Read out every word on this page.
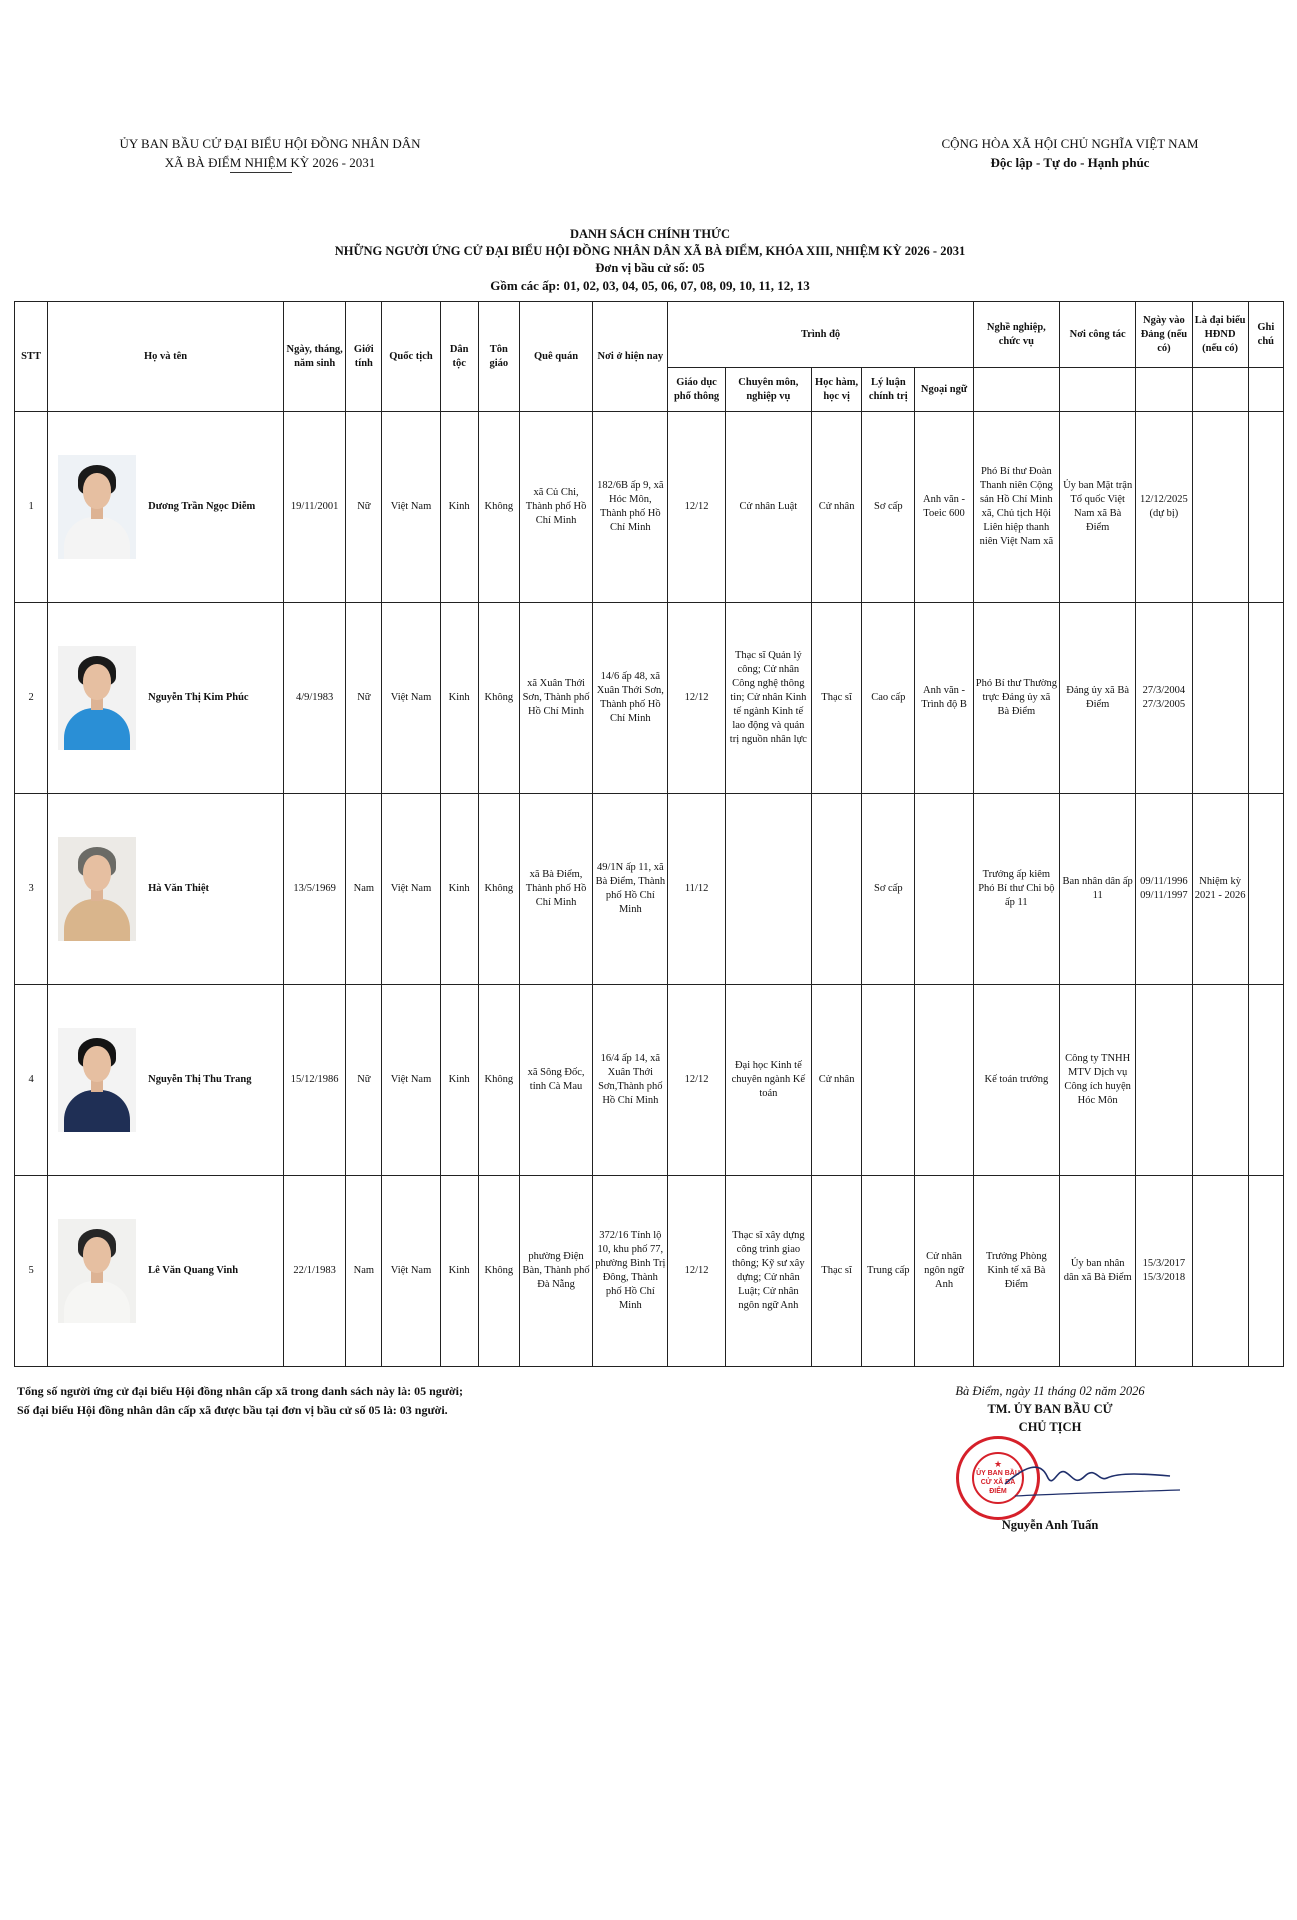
ỦY BAN BẦU CỬ ĐẠI BIỂU HỘI ĐỒNG NHÂN DÂN
XÃ BÀ ĐIỂM NHIỆM KỲ 2026 - 2031
CỘNG HÒA XÃ HỘI CHỦ NGHĨA VIỆT NAM
Độc lập - Tự do - Hạnh phúc
DANH SÁCH CHÍNH THỨC
NHỮNG NGƯỜI ỨNG CỬ ĐẠI BIỂU HỘI ĐỒNG NHÂN DÂN XÃ BÀ ĐIỂM, KHÓA XIII, NHIỆM KỲ 2026 - 2031
Đơn vị bầu cử số: 05
Gồm các ấp: 01, 02, 03, 04, 05, 06, 07, 08, 09, 10, 11, 12, 13
STT	Họ và tên	Ngày, tháng, năm sinh	Giới tính	Quốc tịch	Dân tộc	Tôn giáo	Quê quán	Nơi ở hiện nay	Trình độ					Nghề nghiệp, chức vụ	Nơi công tác	Ngày vào Đảng (nếu có)	Là đại biểu HĐND (nếu có)	Ghi chú
									Giáo dục phổ thông	Chuyên môn, nghiệp vụ	Học hàm, học vị	Lý luận chính trị	Ngoại ngữ					
1	Dương Trần Ngọc Diễm	19/11/2001	Nữ	Việt Nam	Kinh	Không	xã Củ Chi, Thành phố Hồ Chí Minh	182/6B ấp 9, xã Hóc Môn, Thành phố Hồ Chí Minh	12/12	Cử nhân Luật	Cử nhân	Sơ cấp	Anh văn - Toeic 600	Phó Bí thư Đoàn Thanh niên Cộng sản Hồ Chí Minh xã, Chủ tịch Hội Liên hiệp thanh niên Việt Nam xã	Ủy ban Mặt trận Tổ quốc Việt Nam xã Bà Điểm	12/12/2025 (dự bị)		
2	Nguyễn Thị Kim Phúc	4/9/1983	Nữ	Việt Nam	Kinh	Không	xã Xuân Thới Sơn, Thành phố Hồ Chí Minh	14/6 ấp 48, xã Xuân Thới Sơn, Thành phố Hồ Chí Minh	12/12	Thạc sĩ Quản lý công; Cử nhân Công nghệ thông tin; Cử nhân Kinh tế ngành Kinh tế lao động và quản trị nguồn nhân lực	Thạc sĩ	Cao cấp	Anh văn - Trình độ B	Phó Bí thư Thường trực Đảng ủy xã Bà Điểm	Đảng ủy xã Bà Điểm	27/3/2004 27/3/2005		
3	Hà Văn Thiệt	13/5/1969	Nam	Việt Nam	Kinh	Không	xã Bà Điểm, Thành phố Hồ Chí Minh	49/1N ấp 11, xã Bà Điểm, Thành phố Hồ Chí Minh	11/12			Sơ cấp		Trưởng ấp kiêm Phó Bí thư Chi bộ ấp 11	Ban nhân dân ấp 11	09/11/1996 09/11/1997	Nhiệm kỳ 2021 - 2026	
4	Nguyễn Thị Thu Trang	15/12/1986	Nữ	Việt Nam	Kinh	Không	xã Sông Đốc, tỉnh Cà Mau	16/4 ấp 14, xã Xuân Thới Sơn,Thành phố Hồ Chí Minh	12/12	Đại học Kinh tế chuyên ngành Kế toán	Cử nhân			Kế toán trưởng	Công ty TNHH MTV Dịch vụ Công ích huyện Hóc Môn			
5	Lê Văn Quang Vinh	22/1/1983	Nam	Việt Nam	Kinh	Không	phường Điện Bàn, Thành phố Đà Nẵng	372/16 Tỉnh lộ 10, khu phố 77, phường Bình Trị Đông, Thành phố Hồ Chí Minh	12/12	Thạc sĩ xây dựng công trình giao thông; Kỹ sư xây dựng; Cử nhân Luật; Cử nhân ngôn ngữ Anh	Thạc sĩ	Trung cấp	Cử nhân ngôn ngữ Anh	Trưởng Phòng Kinh tế xã Bà Điểm	Ủy ban nhân dân xã Bà Điểm	15/3/2017 15/3/2018		
Tổng số người ứng cử đại biểu Hội đồng nhân cấp xã trong danh sách này là: 05 người;
Số đại biểu Hội đồng nhân dân cấp xã được bầu tại đơn vị bầu cử số 05 là: 03 người.
Bà Điểm, ngày 11 tháng 02 năm 2026
TM. ỦY BAN BẦU CỬ
CHỦ TỊCH
★
ỦY BAN BẦU CỬ XÃ BÀ ĐIỂM
Nguyễn Anh Tuấn
